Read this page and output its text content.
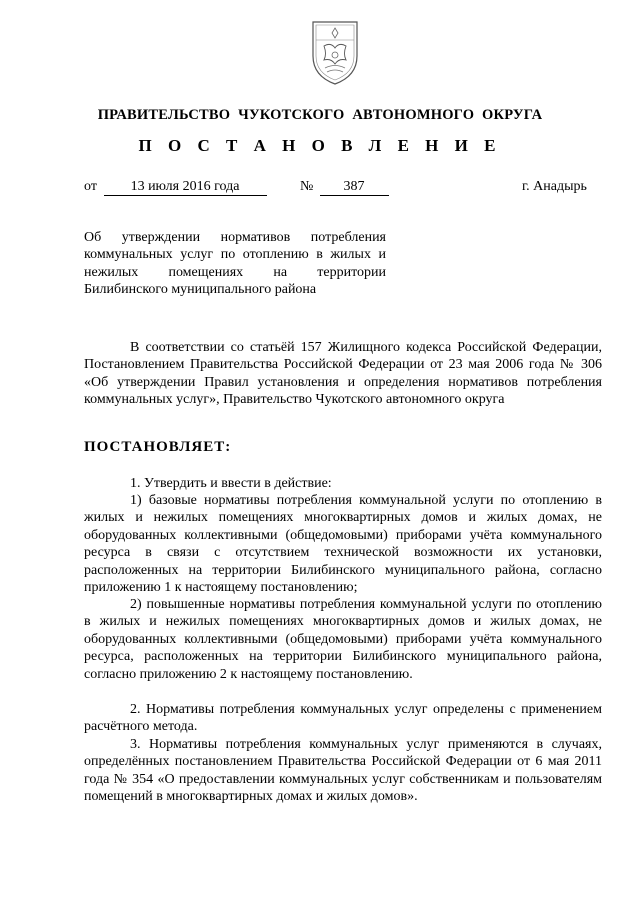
ПРАВИТЕЛЬСТВО ЧУКОТСКОГО АВТОНОМНОГО ОКРУГА
П О С Т А Н О В Л Е Н И Е
от	13 июля 2016 года	№	387	г. Анадырь
Об утверждении нормативов потребления коммунальных услуг по отоплению в жилых и нежилых помещениях на территории Билибинского муниципального района

В соответствии со статьёй 157 Жилищного кодекса Российской Федерации, Постановлением Правительства Российской Федерации от 23 мая 2006 года № 306 «Об утверждении Правил установления и определения нормативов потребления коммунальных услуг», Правительство Чукотского автономного округа

ПОСТАНОВЛЯЕТ:

1. Утвердить и ввести в действие:

1) базовые нормативы потребления коммунальной услуги по отоплению в жилых и нежилых помещениях многоквартирных домов и жилых домах, не оборудованных коллективными (общедомовыми) приборами учёта коммунального ресурса в связи с отсутствием технической возможности их установки, расположенных на территории Билибинского муниципального района, согласно приложению 1 к настоящему постановлению;

2) повышенные нормативы потребления коммунальной услуги по отоплению в жилых и нежилых помещениях многоквартирных домов и жилых домах, не оборудованных коллективными (общедомовыми) приборами учёта коммунального ресурса, расположенных на территории Билибинского муниципального района, согласно приложению 2 к настоящему постановлению.

2. Нормативы потребления коммунальных услуг определены с применением расчётного метода.

3. Нормативы потребления коммунальных услуг применяются в случаях, определённых постановлением Правительства Российской Федерации от 6 мая 2011 года № 354 «О предоставлении коммунальных услуг собственникам и пользователям помещений в многоквартирных домах и жилых домов».
